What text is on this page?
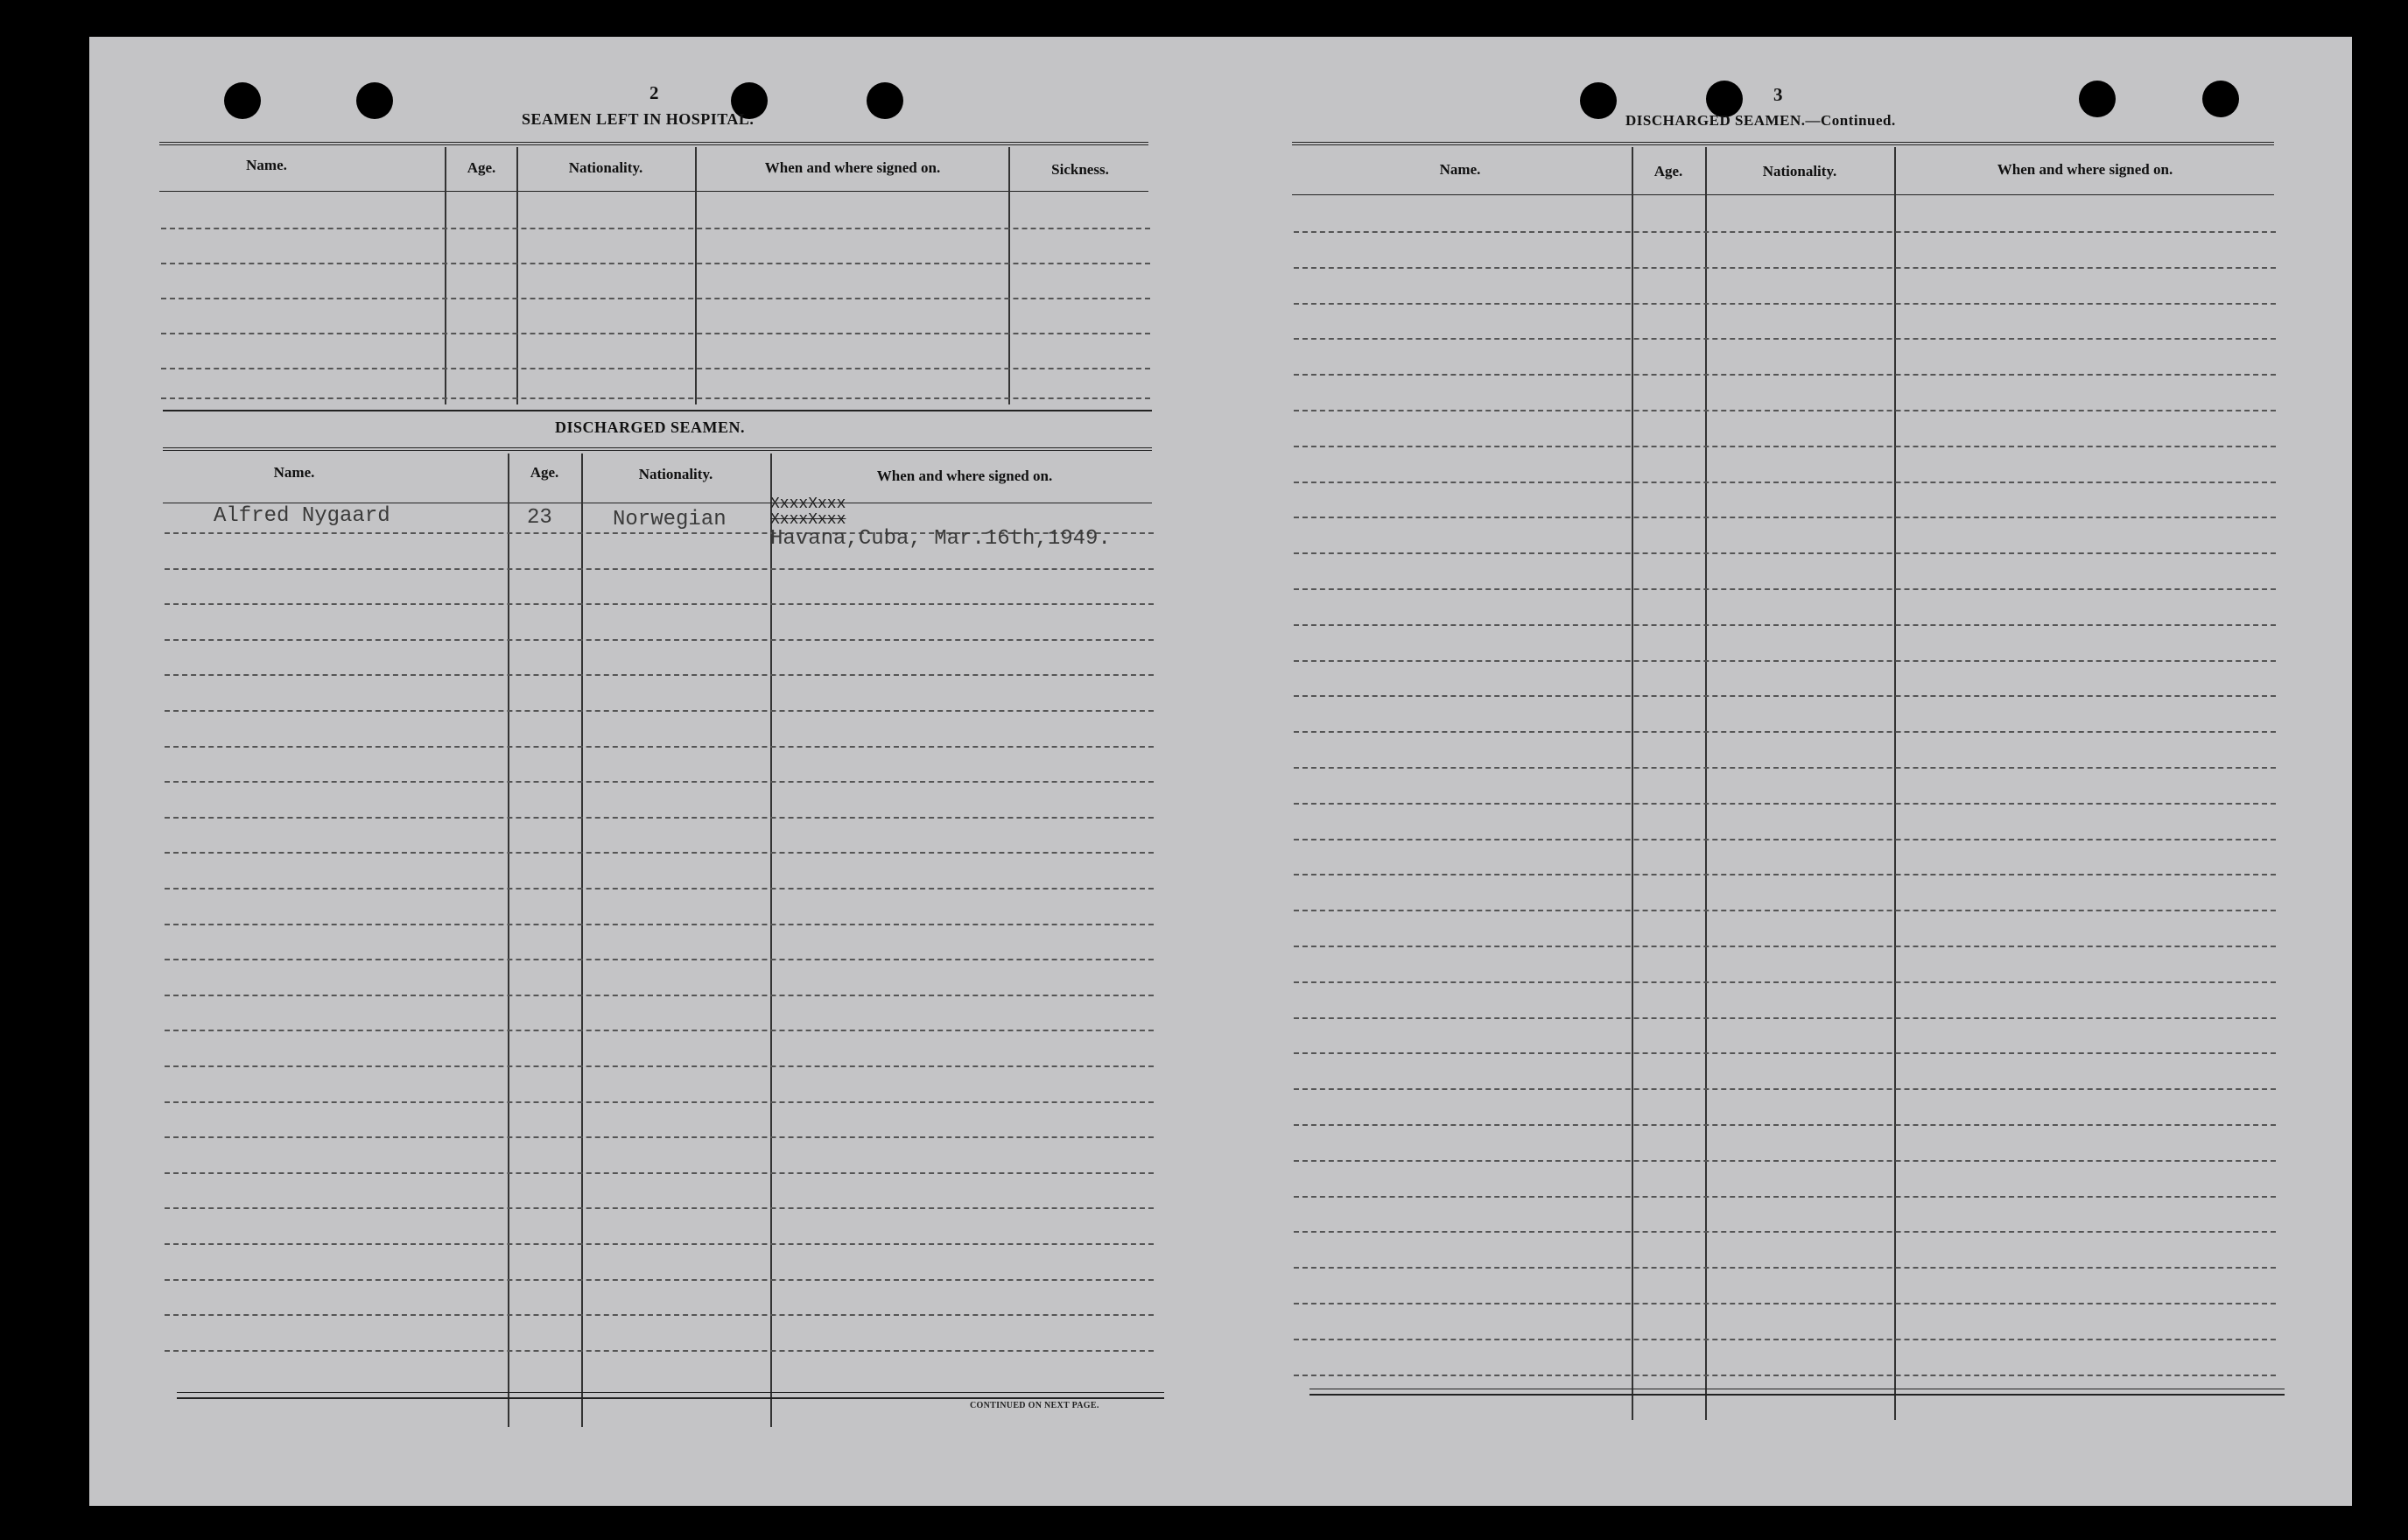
2
SEAMEN LEFT IN HOSPITAL.
Name.	Age.	Nationality.	When and where signed on.	Sickness.
DISCHARGED SEAMEN.
Name.	Age.	Nationality.	When and where signed on.
Alfred Nygaard	23	Norwegian
XxxxXxxx
XxxxXxxx
Havana,Cuba, Mar.16th,1949.
CONTINUED ON NEXT PAGE.
3
DISCHARGED SEAMEN.—Continued.
Name.	Age.	Nationality.	When and where signed on.
